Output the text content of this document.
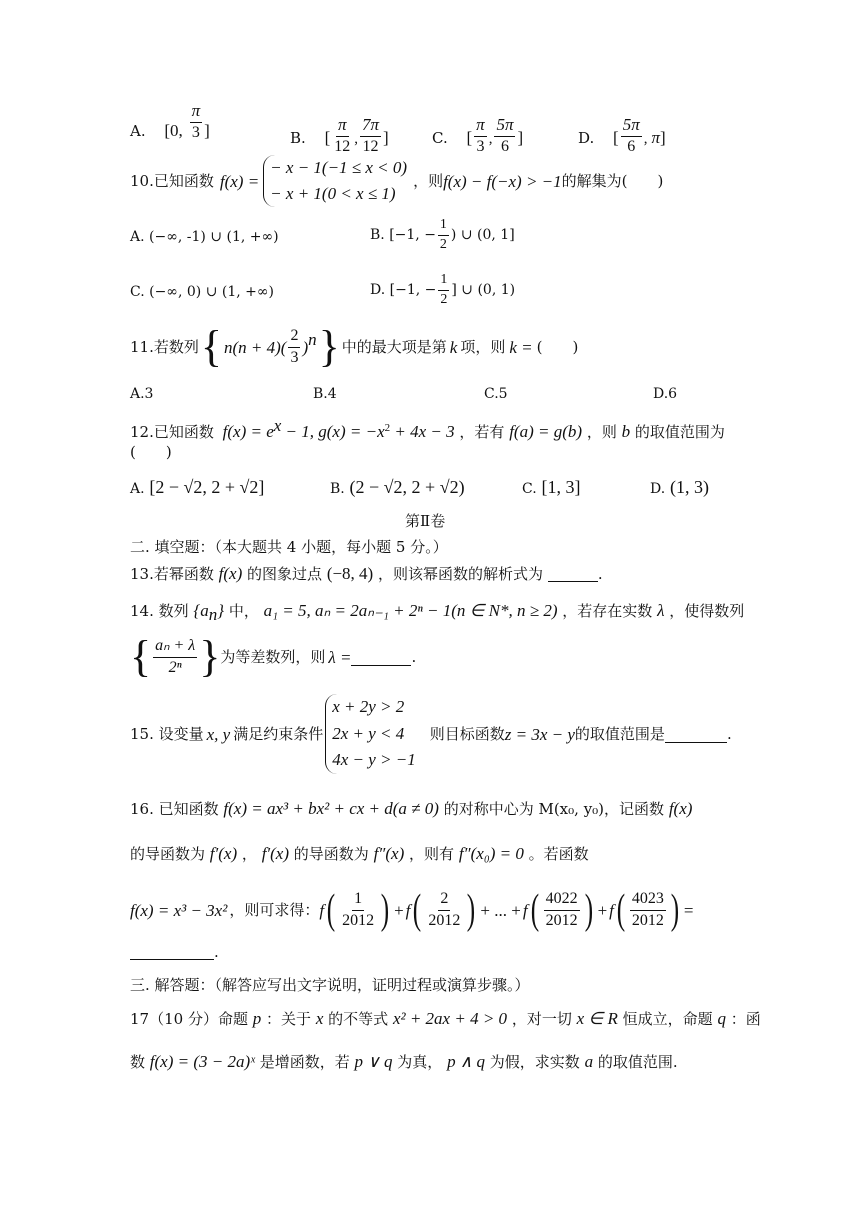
A. [0, $\frac{\pi}{3}$ ]	B. [ $\frac{\pi}{12}$ , $\frac{7\pi}{12}$ ]	C. [ $\frac{\pi}{3}$ , $\frac{5\pi}{6}$ ]	D. [ $\frac{5\pi}{6}$ , π]
10.已知函数 f(x) =
− x − 1(−1 ≤ x < 0)
− x + 1(0 < x ≤ 1)
，则 f(x) − f(−x) > −1 的解集为(　　)
A. (−∞, -1) ∪ (1, +∞)	B. [−1, − $\frac{1}{2}$ ) ∪ (0, 1]
C. (−∞, 0) ∪ (1, +∞)	D. [−1, − $\frac{1}{2}$ ] ∪ (0, 1)
11.若数列 { $n(n + 4)( \frac{2}{3} )^n$ } 中的最大项是第 k 项，则 k = (　　)
A.3	B.4	C.5	D.6
12.已知函数 $f(x) = e^x - 1$, $g(x) = -x^2 + 4x - 3$ ，若有 f(a) = g(b) ，则 b 的取值范围为
(　　)
A. [2 − √2, 2 + √2]	B. (2 − √2, 2 + √2)	C. [1, 3]	D. (1, 3)
第Ⅱ卷
二. 填空题：（本大题共 4 小题，每小题 5 分。）
13.若幂函数 f(x) 的图象过点 (−8, 4) ，则该幂函数的解析式为	.
14. 数列 $\{a_n\}$ 中， a₁ = 5, aₙ = 2aₙ₋₁ + 2ⁿ − 1(n ∈ N*, n ≥ 2) ，若存在实数 λ ，使得数列
{ $\frac{\text{aₙ + λ}}{\text{2ⁿ}}$ } 为等差数列，则 λ =	.
15. 设变量 x, y 满足约束条件
x + 2y > 2
2x + y < 4
4x − y > −1
则目标函数 z = 3x − y 的取值范围是	.
16. 已知函数 f(x) = ax³ + bx² + cx + d(a ≠ 0) 的对称中心为 M(x₀, y₀)，记函数 f(x)
的导函数为 f′(x) ， f′(x) 的导函数为 f″(x) ，则有 f″(x₀) = 0 。若函数
f(x) = x³ − 3x² ，则可求得： f ( $\frac{1}{2012}$ ) + f ( $\frac{2}{2012}$ ) + ... + f ( $\frac{4022}{2012}$ ) + f ( $\frac{4023}{2012}$ ) =
.
三. 解答题：（解答应写出文字说明，证明过程或演算步骤。）
17（10 分）命题 p ：关于 x 的不等式 x² + 2ax + 4 > 0 ，对一切 x ∈ R 恒成立，命题 q ：函
数 f(x) = (3 − 2a)ˣ 是增函数，若 p ∨ q 为真， p ∧ q 为假，求实数 a 的取值范围.
